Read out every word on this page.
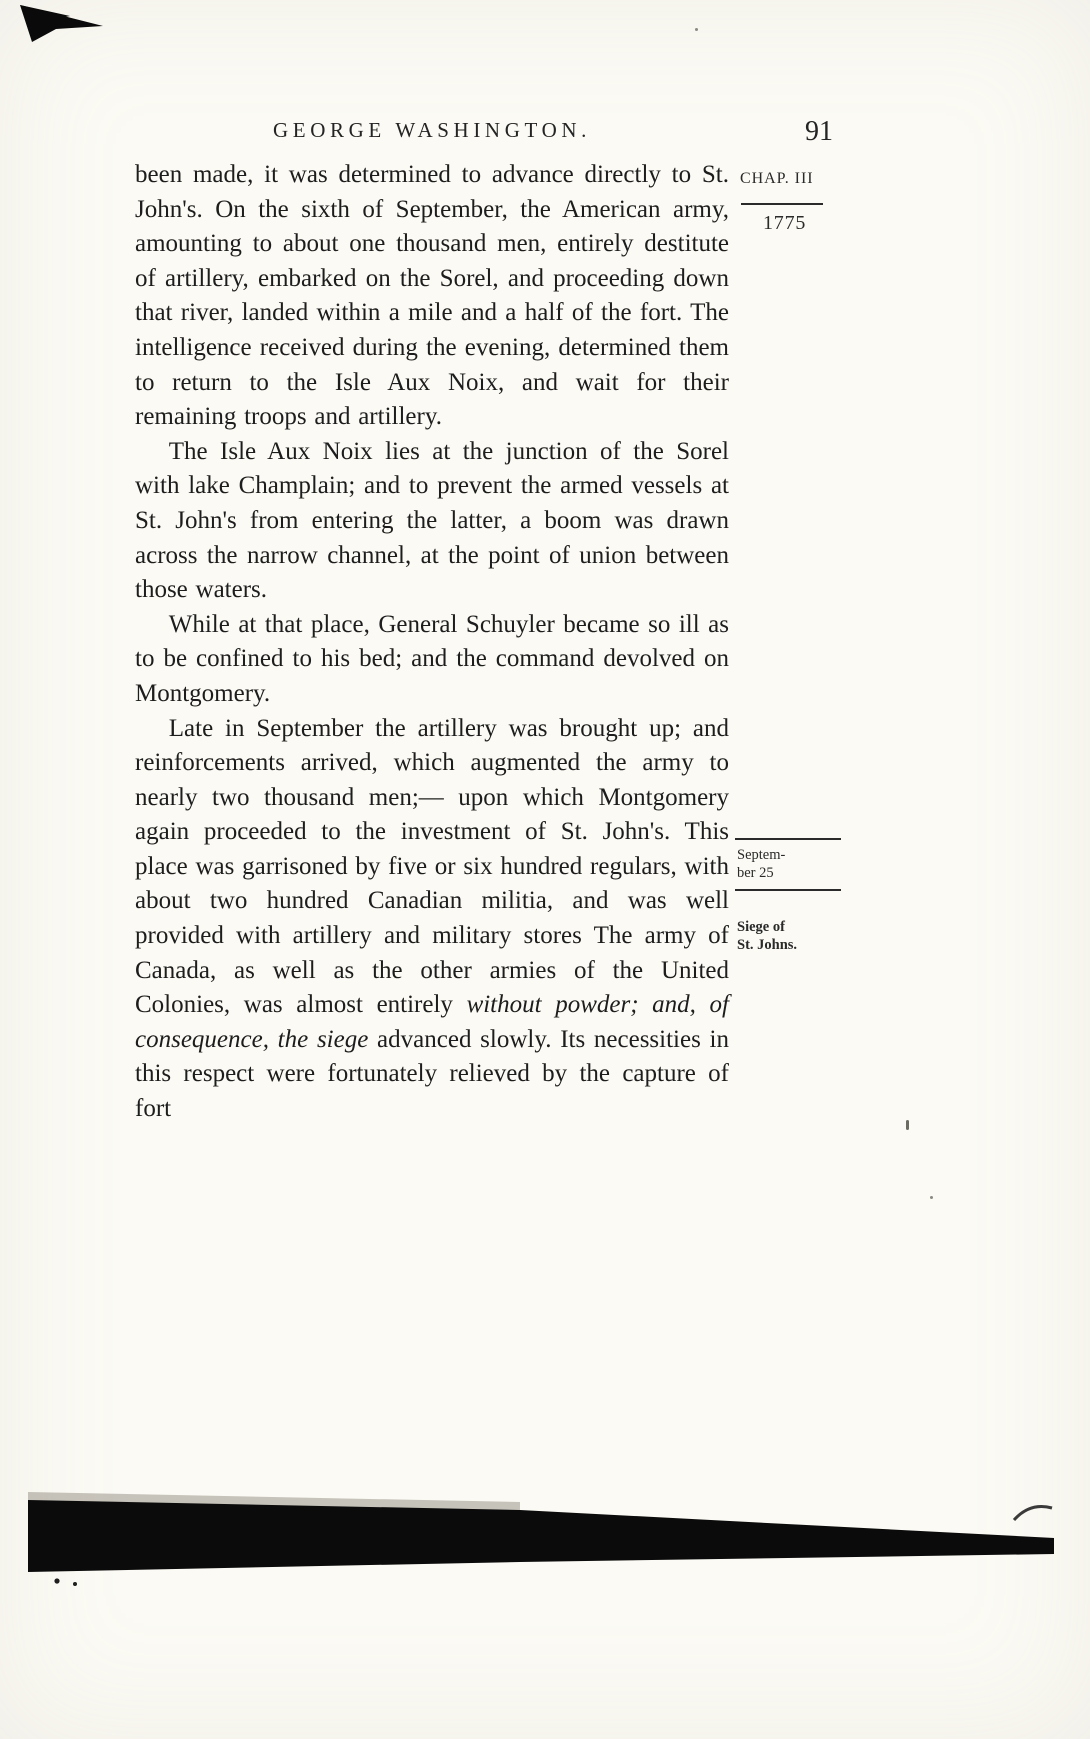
GEORGE WASHINGTON.	91

been made, it was determined to advance directly to St. John's. On the sixth of September, the American army, amounting to about one thousand men, entirely destitute of artillery, embarked on the Sorel, and proceeding down that river, landed within a mile and a half of the fort. The intelligence received during the evening, determined them to return to the Isle Aux Noix, and wait for their remaining troops and artillery.

The Isle Aux Noix lies at the junction of the Sorel with lake Champlain; and to prevent the armed vessels at St. John's from entering the latter, a boom was drawn across the narrow channel, at the point of union between those waters.

While at that place, General Schuyler became so ill as to be confined to his bed; and the command devolved on Montgomery.

Late in September the artillery was brought up; and reinforcements arrived, which augmented the army to nearly two thousand men;— upon which Montgomery again proceeded to the investment of St. John's. This place was garrisoned by five or six hundred regulars, with about two hundred Canadian militia, and was well provided with artillery and military stores The army of Canada, as well as the other armies of the United Colonies, was almost entirely without powder; and, of consequence, the siege advanced slowly. Its necessities in this respect were fortunately relieved by the capture of fort

CHAP. III
1775
Septem-
ber 25
Siege of
St. Johns.
